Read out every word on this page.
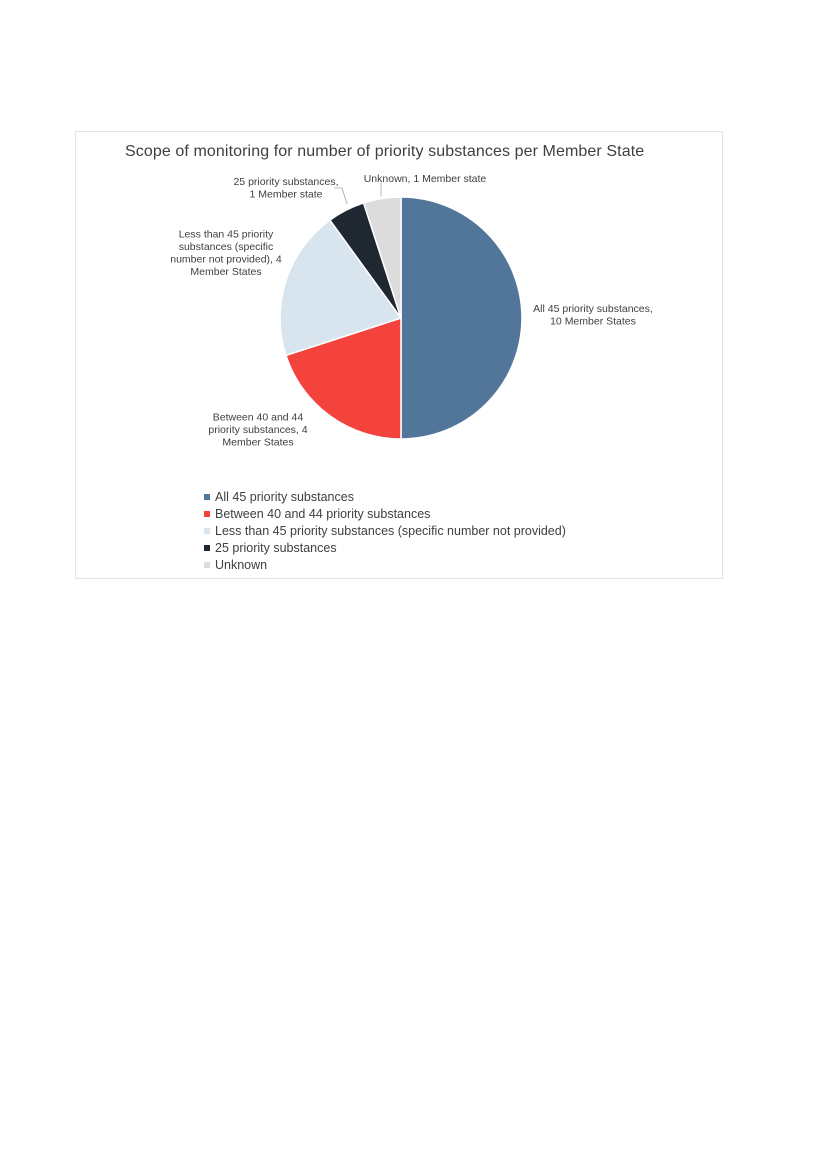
Scope of monitoring for number of priority substances per Member State
All 45 priority substances, 10 Member States
Between 40 and 44 priority substances, 4 Member States
Less than 45 priority substances (specific number not provided), 4 Member States
25 priority substances, 1 Member state
Unknown, 1 Member state
All 45 priority substances
Between 40 and 44 priority substances
Less than 45 priority substances (specific number not provided)
25 priority substances
Unknown
